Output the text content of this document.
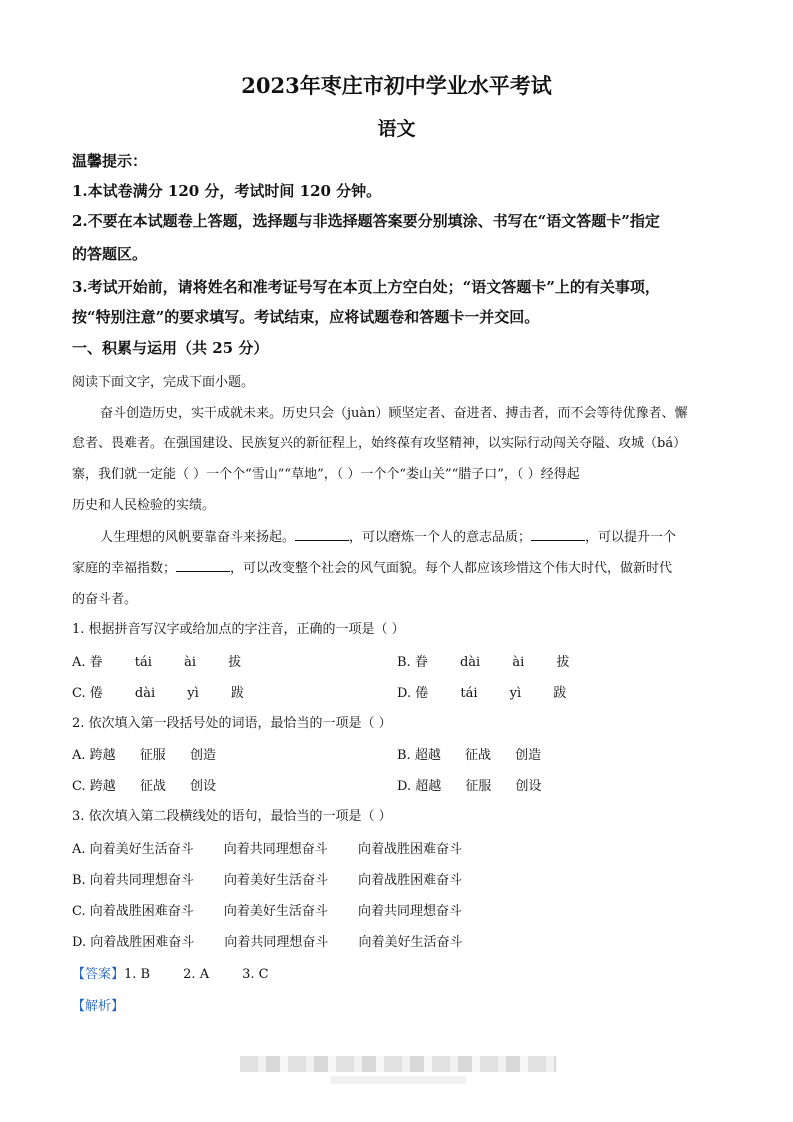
2023年枣庄市初中学业水平考试
语文
温馨提示：
1.本试卷满分 120 分，考试时间 120 分钟。
2.不要在本试题卷上答题，选择题与非选择题答案要分别填涂、书写在“语文答题卡”指定
的答题区。
3.考试开始前，请将姓名和准考证号写在本页上方空白处；“语文答题卡”上的有关事项，
按“特别注意”的要求填写。考试结束，应将试题卷和答题卡一并交回。
一、积累与运用（共 25 分）
阅读下面文字，完成下面小题。
奋斗创造历史，实干成就未来。历史只会（juàn）顾坚定者、奋进者、搏击者，而不会等待优豫者、懈
怠者、畏难者。在强国建设、民族复兴的新征程上，始终葆有攻坚精神，以实际行动闯关夺隘、攻城（bá）
寨，我们就一定能（ ）一个个“雪山”“草地”，（ ）一个个“娄山关”“腊子口”，（ ）经得起
历史和人民检验的实绩。
人生理想的风帆要靠奋斗来扬起。	，可以磨炼一个人的意志品质；	，可以提升一个
家庭的幸福指数；	，可以改变整个社会的风气面貌。每个人都应该珍惜这个伟大时代，做新时代
的奋斗者。
1. 根据拼音写汉字或给加点的字注音，正确的一项是（ ）
A. 眷 tái ài 拔	B. 眷 dài ài 拔
C. 倦 dài yì 跋	D. 倦 tái yì 跋
2. 依次填入第一段括号处的词语，最恰当的一项是（ ）
A. 跨越 征服 创造	B. 超越 征战 创造
C. 跨越 征战 创设	D. 超越 征服 创设
3. 依次填入第二段横线处的语句，最恰当的一项是（ ）
A. 向着美好生活奋斗 向着共同理想奋斗 向着战胜困难奋斗
B. 向着共同理想奋斗 向着美好生活奋斗 向着战胜困难奋斗
C. 向着战胜困难奋斗 向着美好生活奋斗 向着共同理想奋斗
D. 向着战胜困难奋斗 向着共同理想奋斗 向着美好生活奋斗
【答案】1. B        2. A        3. C
【解析】
